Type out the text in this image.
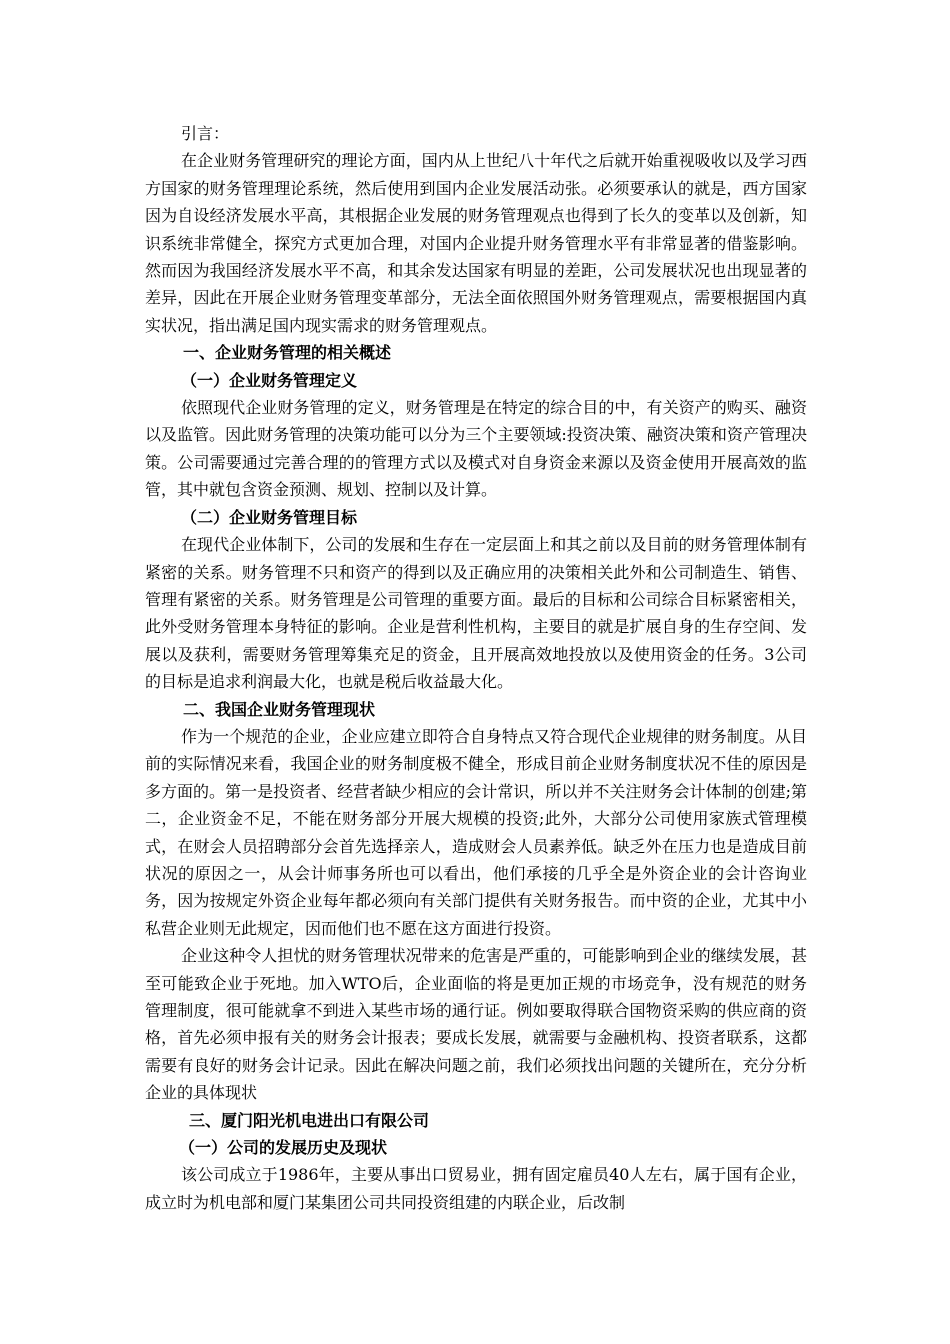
引言：

在企业财务管理研究的理论方面，国内从上世纪八十年代之后就开始重视吸收以及学习西方国家的财务管理理论系统，然后使用到国内企业发展活动张。必须要承认的就是，西方国家因为自设经济发展水平高，其根据企业发展的财务管理观点也得到了长久的变革以及创新，知识系统非常健全，探究方式更加合理，对国内企业提升财务管理水平有非常显著的借鉴影响。然而因为我国经济发展水平不高，和其余发达国家有明显的差距，公司发展状况也出现显著的差异，因此在开展企业财务管理变革部分，无法全面依照国外财务管理观点，需要根据国内真实状况，指出满足国内现实需求的财务管理观点。

一、企业财务管理的相关概述

（一）企业财务管理定义

依照现代企业财务管理的定义，财务管理是在特定的综合目的中，有关资产的购买、融资以及监管。因此财务管理的决策功能可以分为三个主要领域:投资决策、融资决策和资产管理决策。公司需要通过完善合理的的管理方式以及模式对自身资金来源以及资金使用开展高效的监管，其中就包含资金预测、规划、控制以及计算。

（二）企业财务管理目标

在现代企业体制下，公司的发展和生存在一定层面上和其之前以及目前的财务管理体制有紧密的关系。财务管理不只和资产的得到以及正确应用的决策相关此外和公司制造生、销售、管理有紧密的关系。财务管理是公司管理的重要方面。最后的目标和公司综合目标紧密相关，此外受财务管理本身特征的影响。企业是营利性机构，主要目的就是扩展自身的生存空间、发展以及获利，需要财务管理筹集充足的资金，且开展高效地投放以及使用资金的任务。3公司的目标是追求利润最大化，也就是税后收益最大化。

二、我国企业财务管理现状

作为一个规范的企业，企业应建立即符合自身特点又符合现代企业规律的财务制度。从目前的实际情况来看，我国企业的财务制度极不健全，形成目前企业财务制度状况不佳的原因是多方面的。第一是投资者、经营者缺少相应的会计常识，所以并不关注财务会计体制的创建;第二，企业资金不足，不能在财务部分开展大规模的投资;此外，大部分公司使用家族式管理模式，在财会人员招聘部分会首先选择亲人，造成财会人员素养低。缺乏外在压力也是造成目前状况的原因之一，从会计师事务所也可以看出，他们承接的几乎全是外资企业的会计咨询业务，因为按规定外资企业每年都必须向有关部门提供有关财务报告。而中资的企业，尤其中小私营企业则无此规定，因而他们也不愿在这方面进行投资。

企业这种令人担忧的财务管理状况带来的危害是严重的，可能影响到企业的继续发展，甚至可能致企业于死地。加入WTO后，企业面临的将是更加正规的市场竞争，没有规范的财务管理制度，很可能就拿不到进入某些市场的通行证。例如要取得联合国物资采购的供应商的资格，首先必须申报有关的财务会计报表；要成长发展，就需要与金融机构、投资者联系，这都需要有良好的财务会计记录。因此在解决问题之前，我们必须找出问题的关键所在，充分分析企业的具体现状

三、厦门阳光机电进出口有限公司

（一）公司的发展历史及现状

该公司成立于1986年，主要从事出口贸易业，拥有固定雇员40人左右，属于国有企业，成立时为机电部和厦门某集团公司共同投资组建的内联企业，后改制
